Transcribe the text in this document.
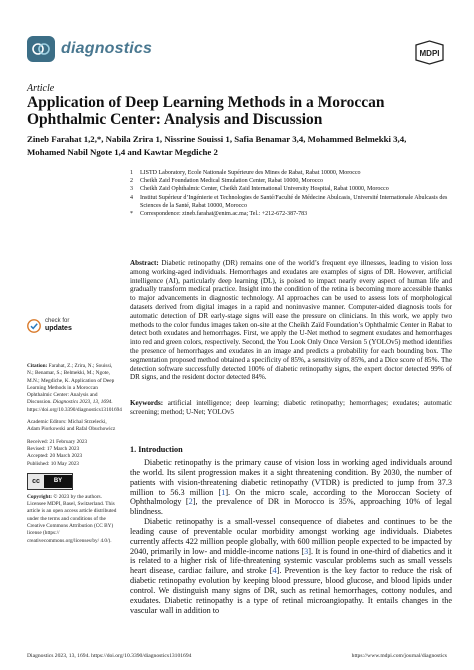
diagnostics	MDPI
Article
Application of Deep Learning Methods in a Moroccan Ophthalmic Center: Analysis and Discussion
Zineb Farahat 1,2,*, Nabila Zrira 1, Nissrine Souissi 1, Safia Benamar 3,4, Mohammed Belmekki 3,4,
Mohamed Nabil Ngote 1,4 and Kawtar Megdiche 2
1	LISTD Laboratory, Ecole Nationale Supérieure des Mines de Rabat, Rabat 10000, Morocco
2	Cheikh Zaid Foundation Medical Simulation Center, Rabat 10000, Morocco
3	Cheikh Zaid Ophthalmic Center, Cheikh Zaid International University Hospital, Rabat 10000, Morocco
4	Institut Supérieur d’Ingénierie et Technologies de Santé/Faculté de Médecine Abulcasis, Université Internationale Abulcasis des Sciences de la Santé, Rabat 10000, Morocco
*	Correspondence: zineb.farahat@enim.ac.ma; Tel.: +212-672-387-783
Abstract: Diabetic retinopathy (DR) remains one of the world’s frequent eye illnesses, leading to vision loss among working-aged individuals. Hemorrhages and exudates are examples of signs of DR. However, artificial intelligence (AI), particularly deep learning (DL), is poised to impact nearly every aspect of human life and gradually transform medical practice. Insight into the condition of the retina is becoming more accessible thanks to major advancements in diagnostic technology. AI approaches can be used to assess lots of morphological datasets derived from digital images in a rapid and noninvasive manner. Computer-aided diagnosis tools for automatic detection of DR early-stage signs will ease the pressure on clinicians. In this work, we apply two methods to the color fundus images taken on-site at the Cheikh Zaïd Foundation’s Ophthalmic Center in Rabat to detect both exudates and hemorrhages. First, we apply the U-Net method to segment exudates and hemorrhages into red and green colors, respectively. Second, the You Look Only Once Version 5 (YOLOv5) method identifies the presence of hemorrhages and exudates in an image and predicts a probability for each bounding box. The segmentation proposed method obtained a specificity of 85%, a sensitivity of 85%, and a Dice score of 85%. The detection software successfully detected 100% of diabetic retinopathy signs, the expert doctor detected 99% of DR signs, and the resident doctor detected 84%.
Keywords: artificial intelligence; deep learning; diabetic retinopathy; hemorrhages; exudates; automatic screening; method; U-Net; YOLOv5
check for
updates
Citation: Farahat, Z.; Zrira, N.; Souissi, N.; Benamar, S.; Belmekki, M.; Ngote, M.N.; Megdiche, K. Application of Deep Learning Methods in a Moroccan Ophthalmic Center: Analysis and Discussion. Diagnostics 2023, 13, 1694. https://doi.org/10.3390/diagnostics13101694
Academic Editors: Michal Strzelecki, Adam Piorkowski and Rafal Obuchowicz
Received: 21 February 2023
Revised: 17 March 2023
Accepted: 20 March 2023
Published: 10 May 2023
cc	BY
Copyright: © 2023 by the authors. Licensee MDPI, Basel, Switzerland. This article is an open access article distributed under the terms and conditions of the Creative Commons Attribution (CC BY) license (https:// creativecommons.org/licenses/by/ 4.0/).
1. Introduction

Diabetic retinopathy is the primary cause of vision loss in working aged individuals around the world. Its silent progression makes it a sight threatening condition. By 2030, the number of patients with vision-threatening diabetic retinopathy (VTDR) is predicted to jump from 37.3 million to 56.3 million [1]. On the micro scale, according to the Moroccan Society of Ophthalmology [2], the prevalence of DR in Morocco is 35%, approaching 10% of legal blindness.

Diabetic retinopathy is a small-vessel consequence of diabetes and continues to be the leading cause of preventable ocular morbidity amongst working age individuals. Diabetes currently affects 422 million people globally, with 600 million people expected to be impacted by 2040, primarily in low- and middle-income nations [3]. It is found in one-third of diabetics and it is related to a higher risk of life-threatening systemic vascular problems such as small vessels heart disease, cardiac failure, and stroke [4]. Prevention is the key factor to reduce the risk of diabetic retinopathy evolution by keeping blood pressure, blood glucose, and blood lipids under control. We distinguish many signs of DR, such as retinal hemorrhages, cottony nodules, and exudates. Diabetic retinopathy is a type of retinal microangiopathy. It entails changes in the vascular wall in addition to

Diagnostics 2023, 13, 1694. https://doi.org/10.3390/diagnostics13101694	https://www.mdpi.com/journal/diagnostics
